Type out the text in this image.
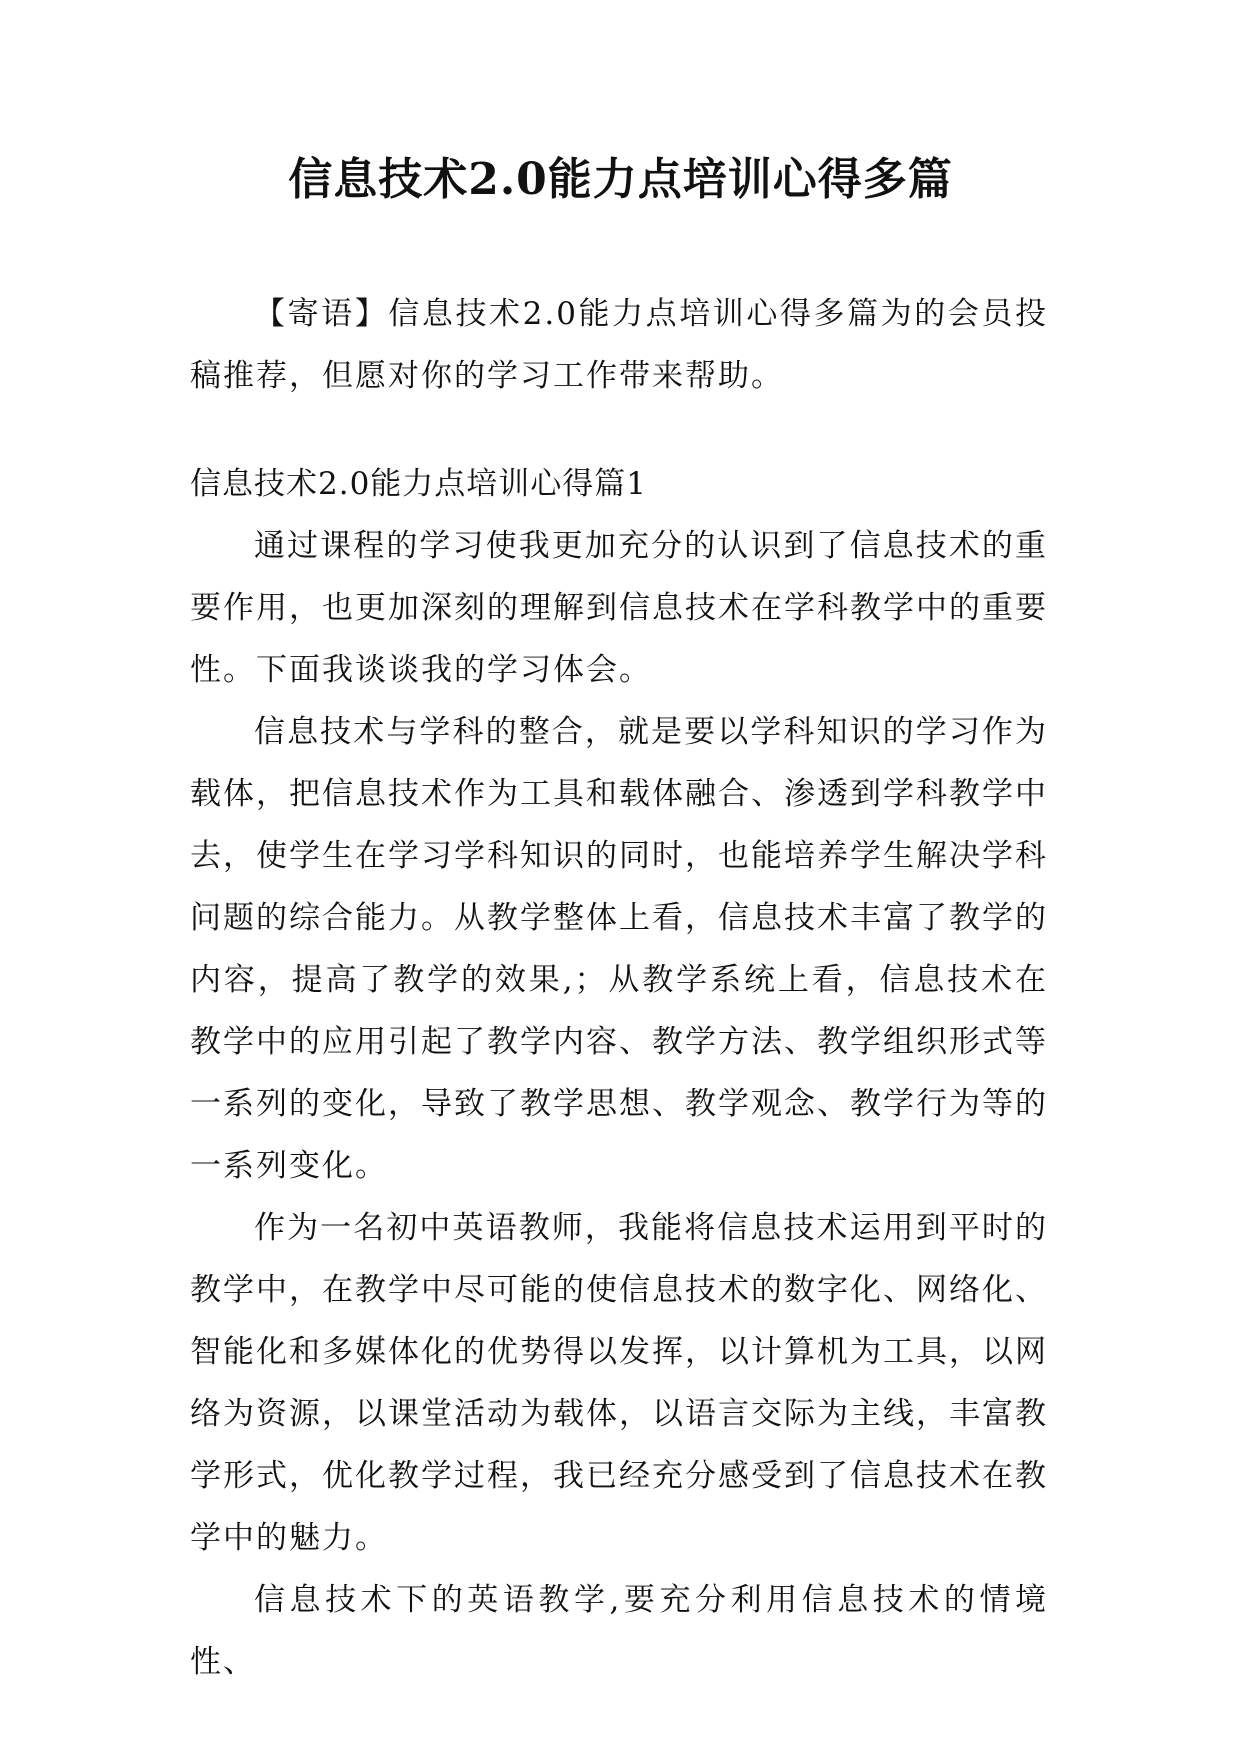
信息技术2.0能力点培训心得多篇

【寄语】信息技术2.0能力点培训心得多篇为的会员投稿推荐，但愿对你的学习工作带来帮助。

信息技术2.0能力点培训心得篇1

通过课程的学习使我更加充分的认识到了信息技术的重要作用，也更加深刻的理解到信息技术在学科教学中的重要性。下面我谈谈我的学习体会。

信息技术与学科的整合，就是要以学科知识的学习作为载体，把信息技术作为工具和载体融合、渗透到学科教学中去，使学生在学习学科知识的同时，也能培养学生解决学科问题的综合能力。从教学整体上看，信息技术丰富了教学的内容，提高了教学的效果,；从教学系统上看，信息技术在教学中的应用引起了教学内容、教学方法、教学组织形式等一系列的变化，导致了教学思想、教学观念、教学行为等的一系列变化。

作为一名初中英语教师，我能将信息技术运用到平时的教学中，在教学中尽可能的使信息技术的数字化、网络化、智能化和多媒体化的优势得以发挥，以计算机为工具，以网络为资源，以课堂活动为载体，以语言交际为主线，丰富教学形式，优化教学过程，我已经充分感受到了信息技术在教学中的魅力。

信息技术下的英语教学,要充分利用信息技术的情境性、
